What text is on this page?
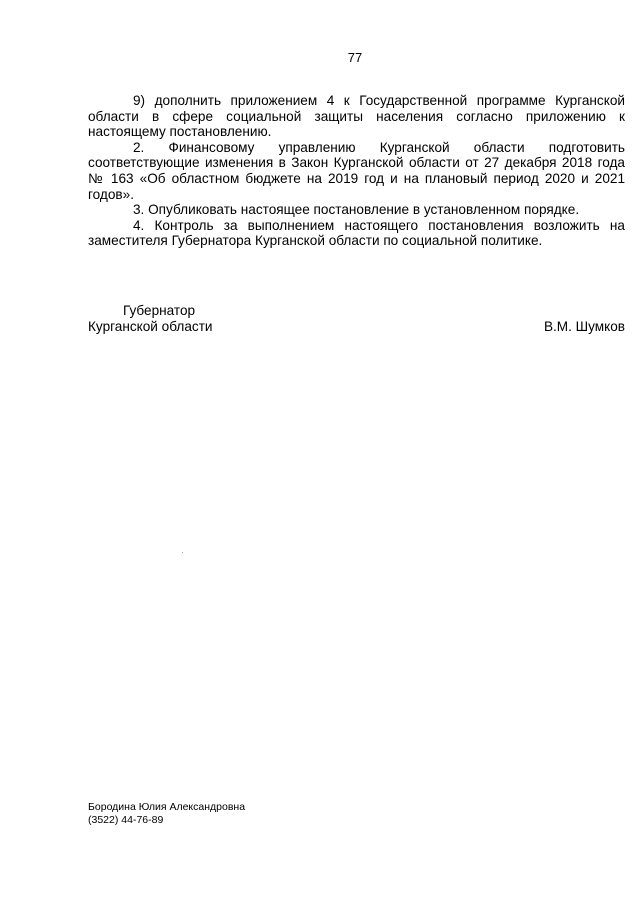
77

9) дополнить приложением 4 к Государственной программе Курганской области в сфере социальной защиты населения согласно приложению к настоящему постановлению.

2. Финансовому управлению Курганской области подготовить соответствующие изменения в Закон Курганской области от 27 декабря 2018 года № 163 «Об областном бюджете на 2019 год и на плановый период 2020 и 2021 годов».

3. Опубликовать настоящее постановление в установленном порядке.

4. Контроль за выполнением настоящего постановления возложить на заместителя Губернатора Курганской области по социальной политике.

Губернатор
Курганской области	В.М. Шумков
Бородина Юлия Александровна
(3522) 44-76-89
